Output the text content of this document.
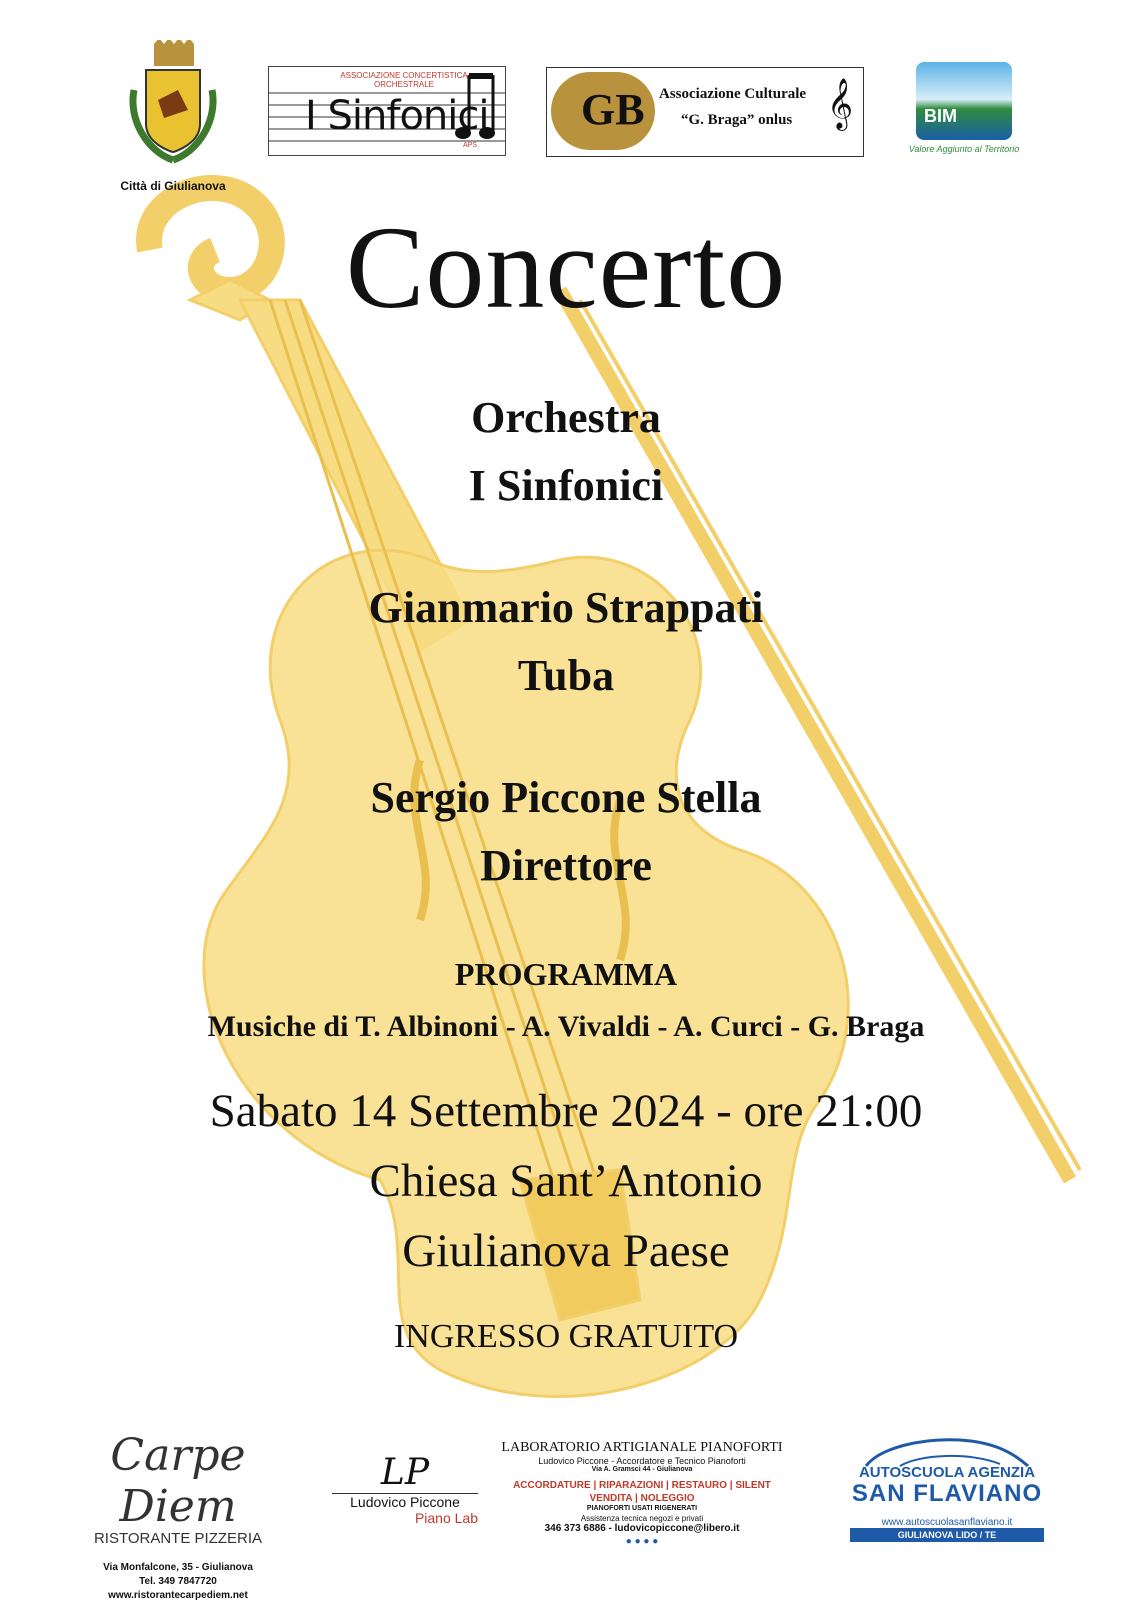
Città di Giulianova
ASSOCIAZIONE CONCERTISTICA ORCHESTRALE
I Sinfonici
APS
GB Associazione Culturale
“G. Braga” onlus 𝄞	BIM
Valore Aggiunto al Territorio
Concerto
Orchestra
I Sinfonici
Gianmario Strappati
Tuba
Sergio Piccone Stella
Direttore
PROGRAMMA
Musiche di T. Albinoni - A. Vivaldi - A. Curci - G. Braga
Sabato 14 Settembre 2024 - ore 21:00
Chiesa Sant’Antonio
Giulianova Paese
INGRESSO GRATUITO
Carpe Diem
RISTORANTE PIZZERIA
Via Monfalcone, 35 - Giulianova
Tel. 349 7847720
www.ristorantecarpediem.net
LP
Ludovico Piccone
Piano Lab
LABORATORIO ARTIGIANALE PIANOFORTI
Ludovico Piccone - Accordatore e Tecnico Pianoforti
Via A. Gramsci 44 - Giulianova
ACCORDATURE | RIPARAZIONI | RESTAURO | SILENT
VENDITA | NOLEGGIO
PIANOFORTI USATI RIGENERATI
Assistenza tecnica negozi e privati
346 373 6886 - ludovicopiccone@libero.it
● ● ● ●
AUTOSCUOLA AGENZIA
SAN FLAVIANO
www.autoscuolasanflaviano.it
GIULIANOVA LIDO / TE
